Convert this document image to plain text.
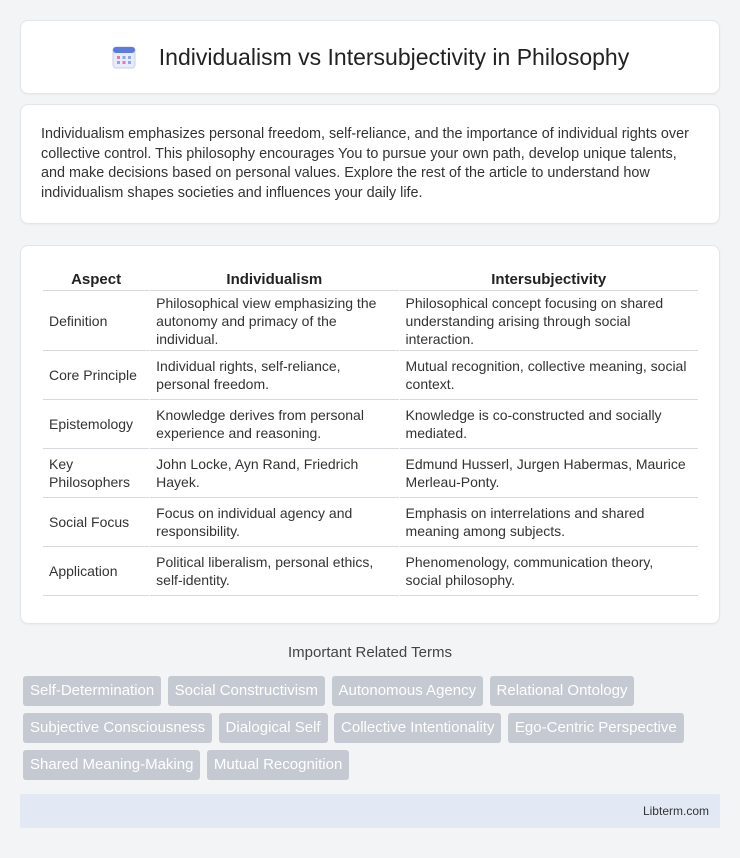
Individualism vs Intersubjectivity in Philosophy

Individualism emphasizes personal freedom, self-reliance, and the importance of individual rights over collective control. This philosophy encourages You to pursue your own path, develop unique talents, and make decisions based on personal values. Explore the rest of the article to understand how individualism shapes societies and influences your daily life.

Aspect	Individualism	Intersubjectivity
Definition	Philosophical view emphasizing the autonomy and primacy of the individual.	Philosophical concept focusing on shared understanding arising through social interaction.
Core Principle	Individual rights, self-reliance, personal freedom.	Mutual recognition, collective meaning, social context.
Epistemology	Knowledge derives from personal experience and reasoning.	Knowledge is co-constructed and socially mediated.
Key Philosophers	John Locke, Ayn Rand, Friedrich Hayek.	Edmund Husserl, Jurgen Habermas, Maurice Merleau-Ponty.
Social Focus	Focus on individual agency and responsibility.	Emphasis on interrelations and shared meaning among subjects.
Application	Political liberalism, personal ethics, self-identity.	Phenomenology, communication theory, social philosophy.
Important Related Terms
Self-Determination Social Constructivism Autonomous Agency Relational Ontology Subjective Consciousness Dialogical Self Collective Intentionality Ego-Centric Perspective Shared Meaning-Making Mutual Recognition
Libterm.com
